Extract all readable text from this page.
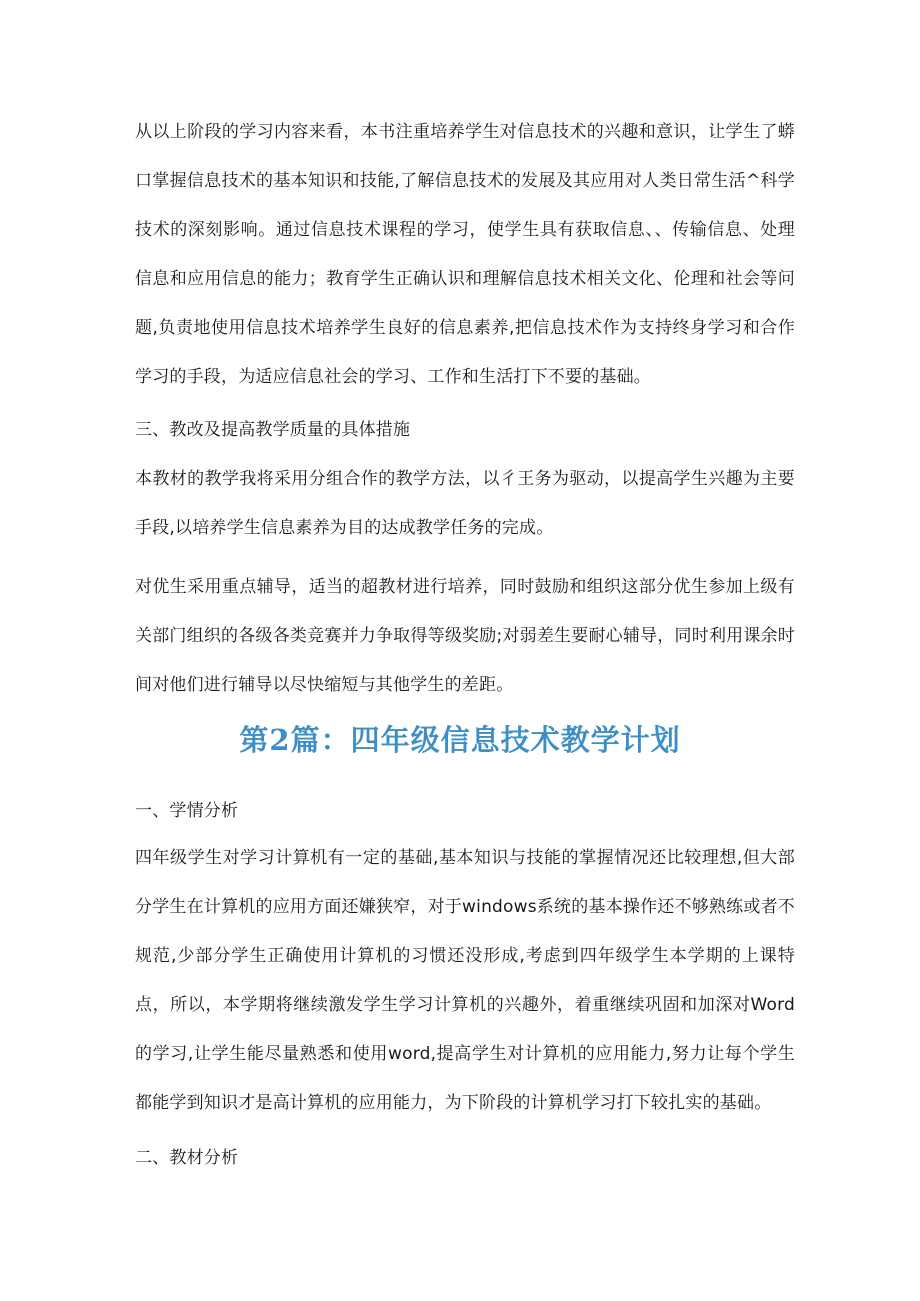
从以上阶段的学习内容来看，本书注重培养学生对信息技术的兴趣和意识，让学生了蟒口掌握信息技术的基本知识和技能,了解信息技术的发展及其应用对人类日常生活^科学技术的深刻影响。通过信息技术课程的学习，使学生具有获取信息、、传输信息、处理信息和应用信息的能力；教育学生正确认识和理解信息技术相关文化、伦理和社会等问题,负责地使用信息技术培养学生良好的信息素养,把信息技术作为支持终身学习和合作学习的手段，为适应信息社会的学习、工作和生活打下不要的基础。

三、教改及提高教学质量的具体措施

本教材的教学我将采用分组合作的教学方法，以彳王务为驱动，以提高学生兴趣为主要手段,以培养学生信息素养为目的达成教学任务的完成。

对优生采用重点辅导，适当的超教材进行培养，同时鼓励和组织这部分优生参加上级有关部门组织的各级各类竞赛并力争取得等级奖励;对弱差生要耐心辅导，同时利用课余时间对他们进行辅导以尽快缩短与其他学生的差距。

第2篇：四年级信息技术教学计划

一、学情分析

四年级学生对学习计算机有一定的基础,基本知识与技能的掌握情况还比较理想,但大部分学生在计算机的应用方面还嫌狭窄，对于windows系统的基本操作还不够熟练或者不规范,少部分学生正确使用计算机的习惯还没形成,考虑到四年级学生本学期的上课特点，所以，本学期将继续激发学生学习计算机的兴趣外，着重继续巩固和加深对Word的学习,让学生能尽量熟悉和使用word,提高学生对计算机的应用能力,努力让每个学生都能学到知识才是高计算机的应用能力，为下阶段的计算机学习打下较扎实的基础。

二、教材分析
